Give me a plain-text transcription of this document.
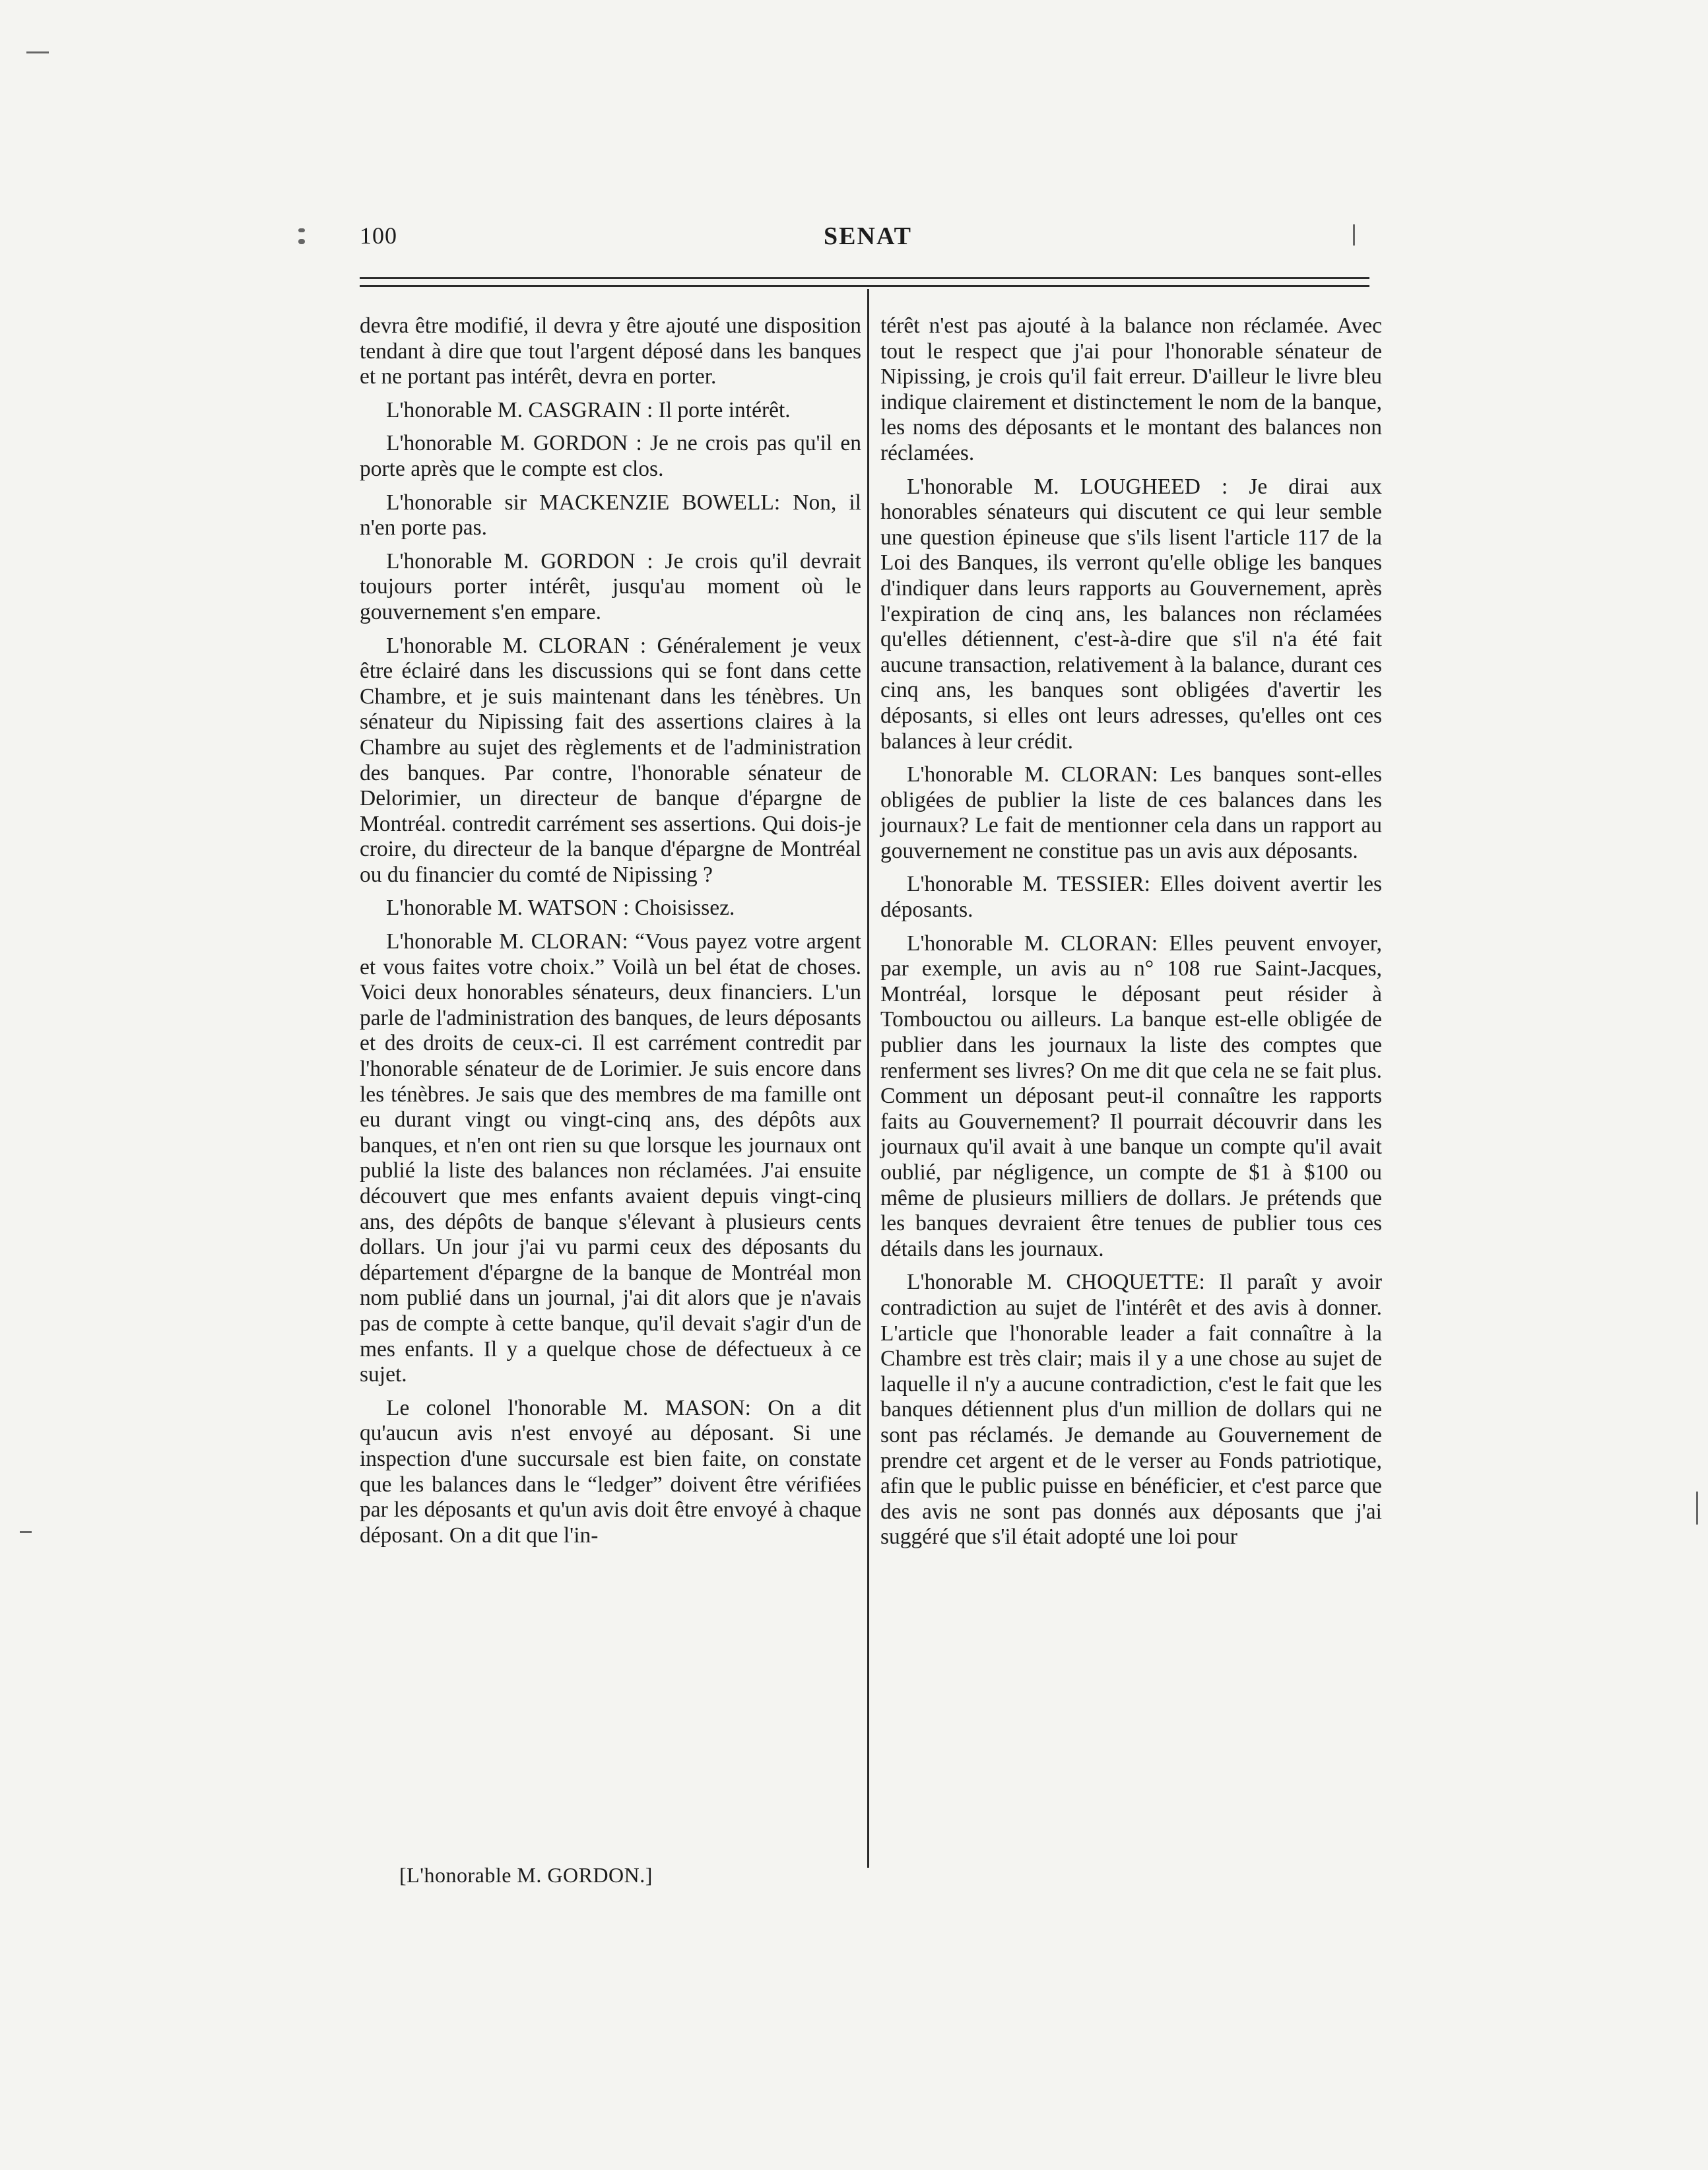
100	SENAT

devra être modifié, il devra y être ajouté une disposition tendant à dire que tout l'argent déposé dans les banques et ne portant pas intérêt, devra en porter.

L'honorable M. CASGRAIN : Il porte intérêt.

L'honorable M. GORDON : Je ne crois pas qu'il en porte après que le compte est clos.

L'honorable sir MACKENZIE BOWELL: Non, il n'en porte pas.

L'honorable M. GORDON : Je crois qu'il devrait toujours porter intérêt, jusqu'au moment où le gouvernement s'en empare.

L'honorable M. CLORAN : Généralement je veux être éclairé dans les discussions qui se font dans cette Chambre, et je suis maintenant dans les ténèbres. Un sénateur du Nipissing fait des assertions claires à la Chambre au sujet des règlements et de l'administration des banques. Par contre, l'honorable sénateur de Delorimier, un directeur de banque d'épargne de Montréal. contredit carrément ses assertions. Qui dois-je croire, du directeur de la banque d'épargne de Montréal ou du financier du comté de Nipissing ?

L'honorable M. WATSON : Choisissez.

L'honorable M. CLORAN: “Vous payez votre argent et vous faites votre choix.” Voilà un bel état de choses. Voici deux honorables sénateurs, deux financiers. L'un parle de l'administration des banques, de leurs déposants et des droits de ceux-ci. Il est carrément contredit par l'honorable sénateur de de Lorimier. Je suis encore dans les ténèbres. Je sais que des membres de ma famille ont eu durant vingt ou vingt-cinq ans, des dépôts aux banques, et n'en ont rien su que lorsque les journaux ont publié la liste des balances non réclamées. J'ai ensuite découvert que mes enfants avaient depuis vingt-cinq ans, des dépôts de banque s'élevant à plusieurs cents dollars. Un jour j'ai vu parmi ceux des déposants du département d'épargne de la banque de Montréal mon nom publié dans un journal, j'ai dit alors que je n'avais pas de compte à cette banque, qu'il devait s'agir d'un de mes enfants. Il y a quelque chose de défectueux à ce sujet.

Le colonel l'honorable M. MASON: On a dit qu'aucun avis n'est envoyé au déposant. Si une inspection d'une succursale est bien faite, on constate que les balances dans le “ledger” doivent être vérifiées par les déposants et qu'un avis doit être envoyé à chaque déposant. On a dit que l'in-

térêt n'est pas ajouté à la balance non réclamée. Avec tout le respect que j'ai pour l'honorable sénateur de Nipissing, je crois qu'il fait erreur. D'ailleur le livre bleu indique clairement et distinctement le nom de la banque, les noms des déposants et le montant des balances non réclamées.

L'honorable M. LOUGHEED : Je dirai aux honorables sénateurs qui discutent ce qui leur semble une question épineuse que s'ils lisent l'article 117 de la Loi des Banques, ils verront qu'elle oblige les banques d'indiquer dans leurs rapports au Gouvernement, après l'expiration de cinq ans, les balances non réclamées qu'elles détiennent, c'est-à-dire que s'il n'a été fait aucune transaction, relativement à la balance, durant ces cinq ans, les banques sont obligées d'avertir les déposants, si elles ont leurs adresses, qu'elles ont ces balances à leur crédit.

L'honorable M. CLORAN: Les banques sont-elles obligées de publier la liste de ces balances dans les journaux? Le fait de mentionner cela dans un rapport au gouvernement ne constitue pas un avis aux déposants.

L'honorable M. TESSIER: Elles doivent avertir les déposants.

L'honorable M. CLORAN: Elles peuvent envoyer, par exemple, un avis au n° 108 rue Saint-Jacques, Montréal, lorsque le déposant peut résider à Tombouctou ou ailleurs. La banque est-elle obligée de publier dans les journaux la liste des comptes que renferment ses livres? On me dit que cela ne se fait plus. Comment un déposant peut-il connaître les rapports faits au Gouvernement? Il pourrait découvrir dans les journaux qu'il avait à une banque un compte qu'il avait oublié, par négligence, un compte de $1 à $100 ou même de plusieurs milliers de dollars. Je prétends que les banques devraient être tenues de publier tous ces détails dans les journaux.

L'honorable M. CHOQUETTE: Il paraît y avoir contradiction au sujet de l'intérêt et des avis à donner. L'article que l'honorable leader a fait connaître à la Chambre est très clair; mais il y a une chose au sujet de laquelle il n'y a aucune contradiction, c'est le fait que les banques détiennent plus d'un million de dollars qui ne sont pas réclamés. Je demande au Gouvernement de prendre cet argent et de le verser au Fonds patriotique, afin que le public puisse en bénéficier, et c'est parce que des avis ne sont pas donnés aux déposants que j'ai suggéré que s'il était adopté une loi pour

[L'honorable M. GORDON.]
